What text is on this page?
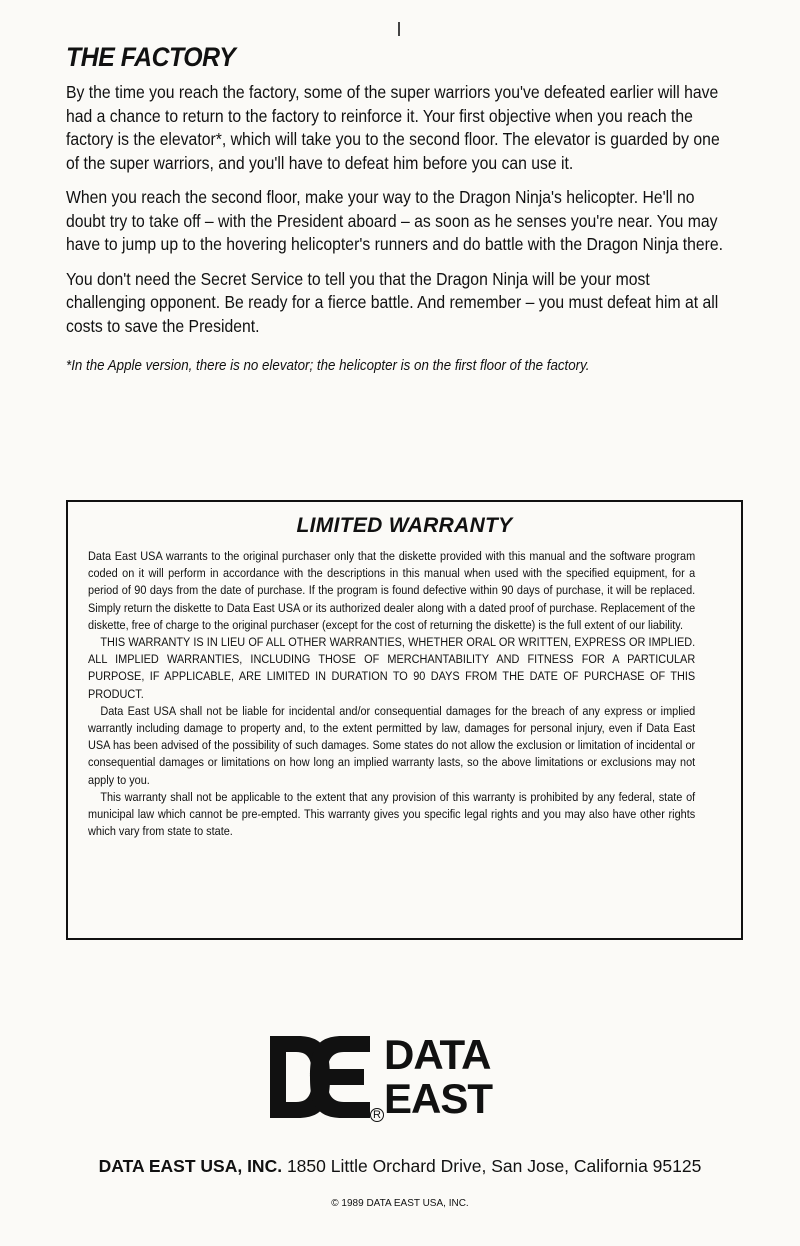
THE FACTORY

By the time you reach the factory, some of the super warriors you've defeated earlier will have had a chance to return to the factory to reinforce it. Your first objective when you reach the factory is the elevator*, which will take you to the second floor. The elevator is guarded by one of the super warriors, and you'll have to defeat him before you can use it.

When you reach the second floor, make your way to the Dragon Ninja's helicopter. He'll no doubt try to take off – with the President aboard – as soon as he senses you're near. You may have to jump up to the hovering helicopter's runners and do battle with the Dragon Ninja there.

You don't need the Secret Service to tell you that the Dragon Ninja will be your most challenging opponent. Be ready for a fierce battle. And remember – you must defeat him at all costs to save the President.

*In the Apple version, there is no elevator; the helicopter is on the first floor of the factory.

LIMITED WARRANTY

Data East USA warrants to the original purchaser only that the diskette provided with this manual and the software program coded on it will perform in accordance with the descriptions in this manual when used with the specified equipment, for a period of 90 days from the date of purchase. If the program is found defective within 90 days of purchase, it will be replaced. Simply return the diskette to Data East USA or its authorized dealer along with a dated proof of purchase. Replacement of the diskette, free of charge to the original purchaser (except for the cost of returning the diskette) is the full extent of our liability.

THIS WARRANTY IS IN LIEU OF ALL OTHER WARRANTIES, WHETHER ORAL OR WRITTEN, EXPRESS OR IMPLIED. ALL IMPLIED WARRANTIES, INCLUDING THOSE OF MERCHANTABILITY AND FITNESS FOR A PARTICULAR PURPOSE, IF APPLICABLE, ARE LIMITED IN DURATION TO 90 DAYS FROM THE DATE OF PURCHASE OF THIS PRODUCT.

Data East USA shall not be liable for incidental and/or consequential damages for the breach of any express or implied warrantly including damage to property and, to the extent permitted by law, damages for personal injury, even if Data East USA has been advised of the possibility of such damages. Some states do not allow the exclusion or limitation of incidental or consequential damages or limitations on how long an implied warranty lasts, so the above limitations or exclusions may not apply to you.

This warranty shall not be applicable to the extent that any provision of this warranty is prohibited by any federal, state of municipal law which cannot be pre-empted. This warranty gives you specific legal rights and you may also have other rights which vary from state to state.

DATA
EAST
R
DATA EAST USA, INC. 1850 Little Orchard Drive, San Jose, California 95125
© 1989 DATA EAST USA, INC.
